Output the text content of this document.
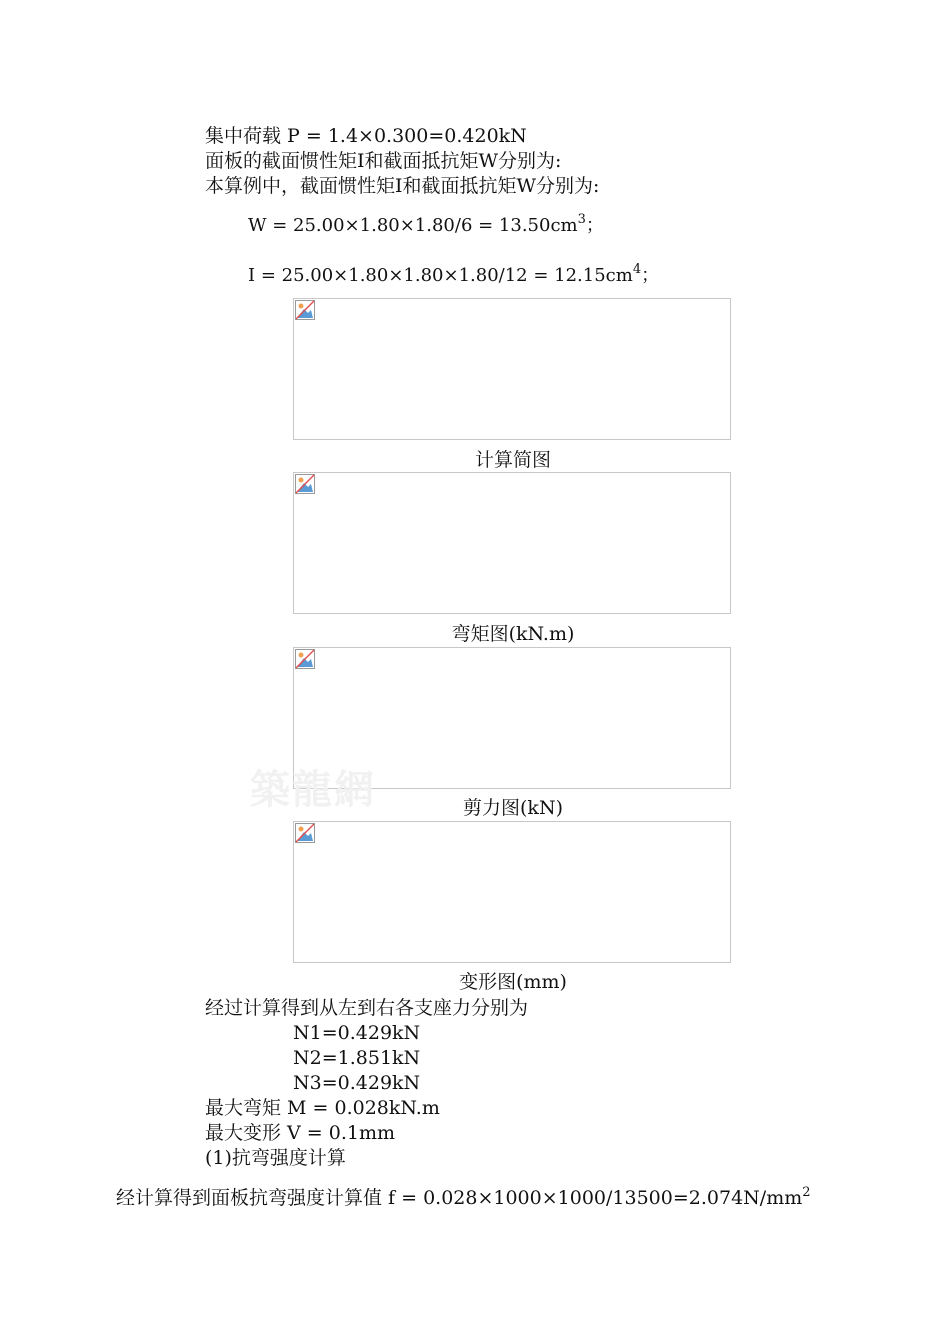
集中荷载 P = 1.4×0.300=0.420kN
面板的截面惯性矩I和截面抵抗矩W分别为:
本算例中，截面惯性矩I和截面抵抗矩W分别为:
$W = 25.00\times 1.80\times 1.80/6 = 13.50cm^3$；
$I = 25.00\times 1.80\times 1.80\times 1.80/12 = 12.15cm^4$；
计算简图
弯矩图(kN.m)
築龍網	剪力图(kN)
变形图(mm)
经过计算得到从左到右各支座力分别为
N1=0.429kN
N2=1.851kN
N3=0.429kN
最大弯矩 M = 0.028kN.m
最大变形 V = 0.1mm
(1)抗弯强度计算
经计算得到面板抗弯强度计算值 $f = 0.028\times 1000\times 1000/13500=2.074N/mm^2$
